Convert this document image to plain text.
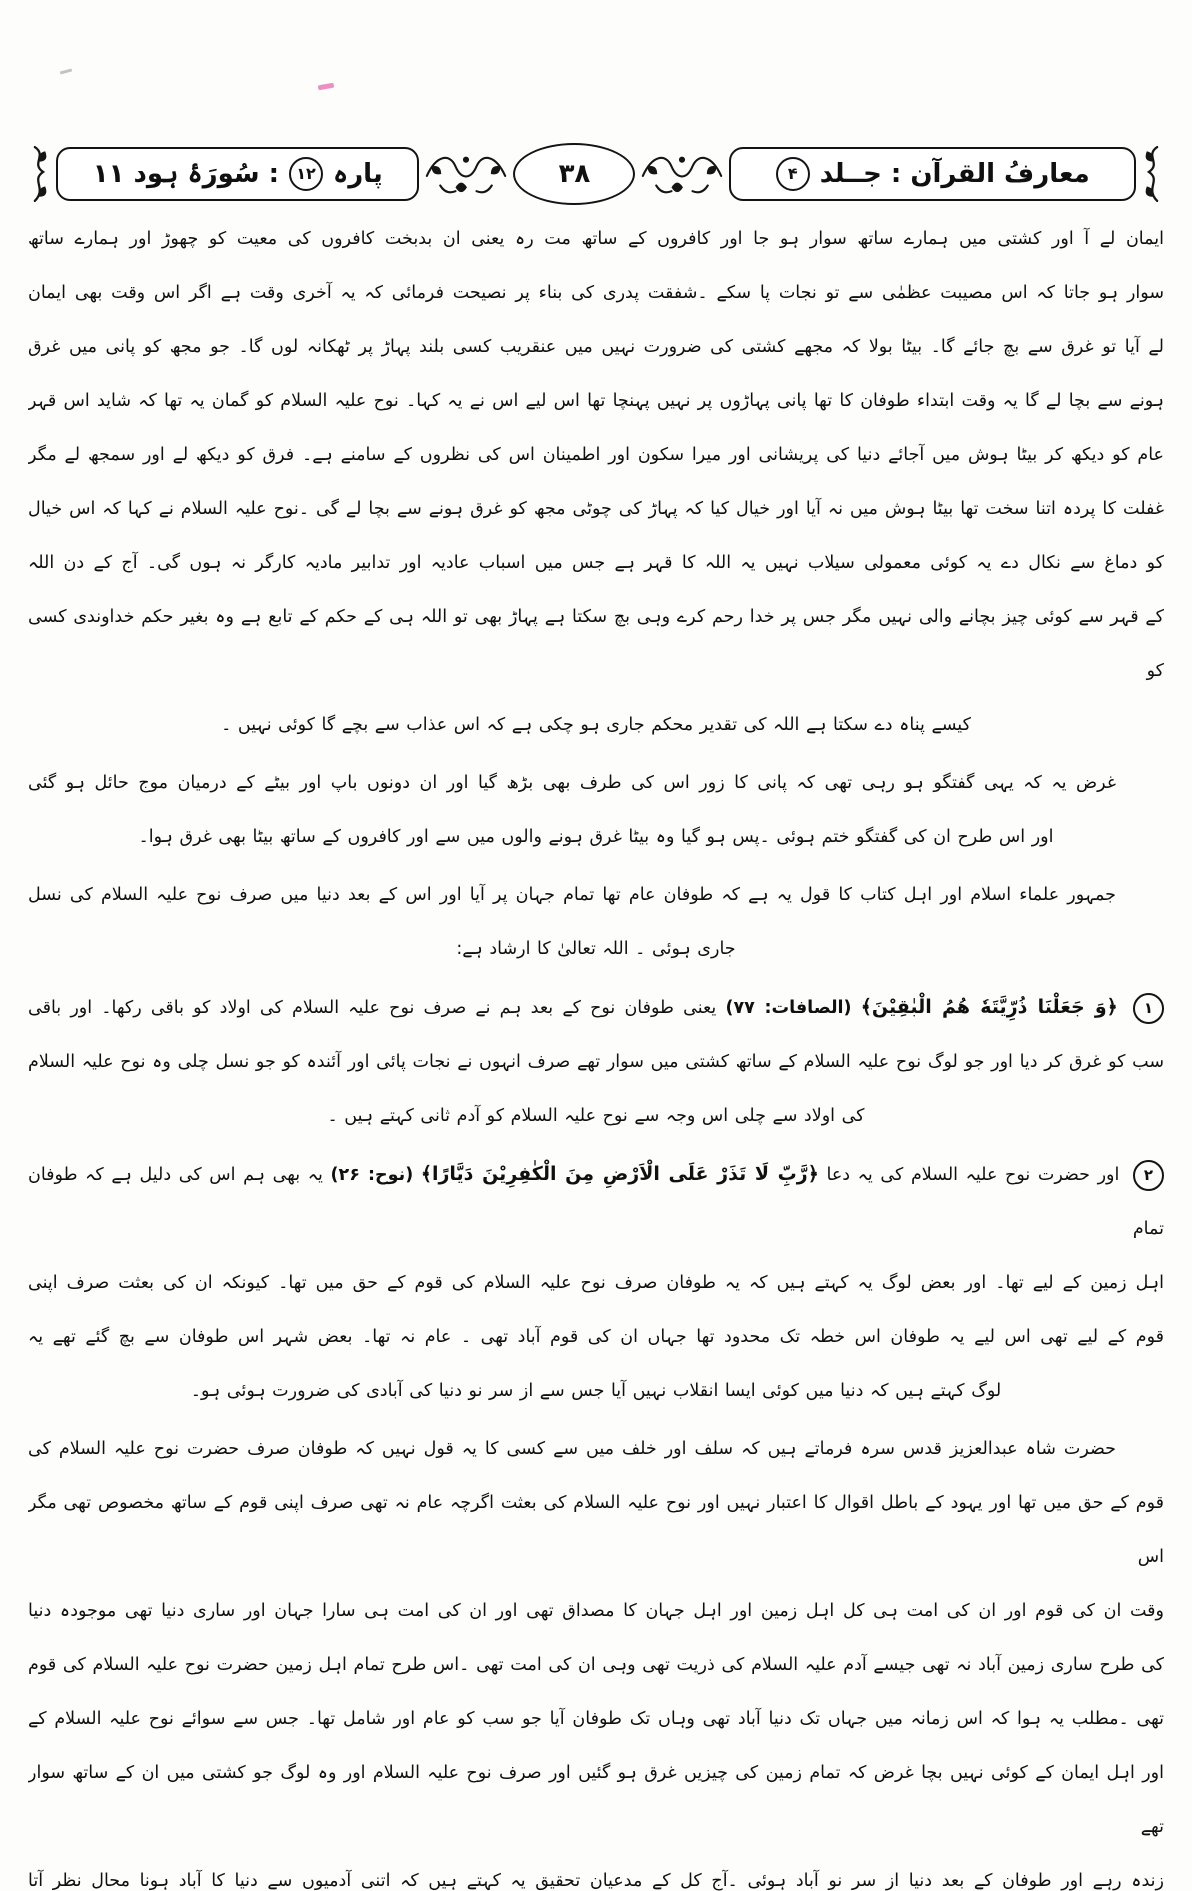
معارفُ القرآن : جــلد
۴
۳۸
پارہ
۱۲
: سُورَۂ ہود ۱۱
ایمان لے آ اور کشتی میں ہمارے ساتھ سوار ہو جا اور کافروں کے ساتھ مت رہ یعنی ان بدبخت کافروں کی معیت کو چھوڑ اور ہمارے ساتھ
سوار ہو جاتا کہ اس مصیبت عظمٰی سے تو نجات پا سکے ۔شفقت پدری کی بناء پر نصیحت فرمائی کہ یہ آخری وقت ہے اگر اس وقت بھی ایمان
لے آیا تو غرق سے بچ جائے گا۔ بیٹا بولا کہ مجھے کشتی کی ضرورت نہیں میں عنقریب کسی بلند پہاڑ پر ٹھکانہ لوں گا۔ جو مجھ کو پانی میں غرق
ہونے سے بچا لے گا یہ وقت ابتداء طوفان کا تھا پانی پہاڑوں پر نہیں پہنچا تھا اس لیے اس نے یہ کہا۔ نوح علیہ السلام کو گمان یہ تھا کہ شاید اس قہر
عام کو دیکھ کر بیٹا ہوش میں آجائے دنیا کی پریشانی اور میرا سکون اور اطمینان اس کی نظروں کے سامنے ہے۔ فرق کو دیکھ لے اور سمجھ لے مگر
غفلت کا پردہ اتنا سخت تھا بیٹا ہوش میں نہ آیا اور خیال کیا کہ پہاڑ کی چوٹی مجھ کو غرق ہونے سے بچا لے گی ۔نوح علیہ السلام نے کہا کہ اس خیال
کو دماغ سے نکال دے یہ کوئی معمولی سیلاب نہیں یہ اللہ کا قہر ہے جس میں اسباب عادیہ اور تدابیر مادیہ کارگر نہ ہوں گی۔ آج کے دن اللہ
کے قہر سے کوئی چیز بچانے والی نہیں مگر جس پر خدا رحم کرے وہی بچ سکتا ہے پہاڑ بھی تو اللہ ہی کے حکم کے تابع ہے وہ بغیر حکم خداوندی کسی کو
کیسے پناہ دے سکتا ہے اللہ کی تقدیر محکم جاری ہو چکی ہے کہ اس عذاب سے بچے گا کوئی نہیں ۔
غرض یہ کہ یہی گفتگو ہو رہی تھی کہ پانی کا زور اس کی طرف بھی بڑھ گیا اور ان دونوں باپ اور بیٹے کے درمیان موج حائل ہو گئی
اور اس طرح ان کی گفتگو ختم ہوئی ۔پس ہو گیا وہ بیٹا غرق ہونے والوں میں سے اور کافروں کے ساتھ بیٹا بھی غرق ہوا۔
جمہور علماء اسلام اور اہل کتاب کا قول یہ ہے کہ طوفان عام تھا تمام جہان پر آیا اور اس کے بعد دنیا میں صرف نوح علیہ السلام کی نسل
جاری ہوئی ۔ اللہ تعالیٰ کا ارشاد ہے:
۱ ﴿وَ جَعَلْنَا ذُرِّيَّتَهٗ هُمُ الْبٰقِيْنَ﴾ (الصافات: ۷۷) یعنی طوفان نوح کے بعد ہم نے صرف نوح علیہ السلام کی اولاد کو باقی رکھا۔ اور باقی
سب کو غرق کر دیا اور جو لوگ نوح علیہ السلام کے ساتھ کشتی میں سوار تھے صرف انہوں نے نجات پائی اور آئندہ کو جو نسل چلی وہ نوح علیہ السلام
کی اولاد سے چلی اس وجہ سے نوح علیہ السلام کو آدم ثانی کہتے ہیں ۔
۲ اور حضرت نوح علیہ السلام کی یہ دعا ﴿رَّبِّ لَا تَذَرْ عَلَى الْاَرْضِ مِنَ الْكٰفِرِيْنَ دَيَّارًا﴾ (نوح: ۲۶) یہ بھی ہم اس کی دلیل ہے کہ طوفان تمام
اہل زمین کے لیے تھا۔ اور بعض لوگ یہ کہتے ہیں کہ یہ طوفان صرف نوح علیہ السلام کی قوم کے حق میں تھا۔ کیونکہ ان کی بعثت صرف اپنی
قوم کے لیے تھی اس لیے یہ طوفان اس خطہ تک محدود تھا جہاں ان کی قوم آباد تھی ۔ عام نہ تھا۔ بعض شہر اس طوفان سے بچ گئے تھے یہ
لوگ کہتے ہیں کہ دنیا میں کوئی ایسا انقلاب نہیں آیا جس سے از سر نو دنیا کی آبادی کی ضرورت ہوئی ہو۔
حضرت شاہ عبدالعزیز قدس سرہ فرماتے ہیں کہ سلف اور خلف میں سے کسی کا یہ قول نہیں کہ طوفان صرف حضرت نوح علیہ السلام کی
قوم کے حق میں تھا اور یہود کے باطل اقوال کا اعتبار نہیں اور نوح علیہ السلام کی بعثت اگرچہ عام نہ تھی صرف اپنی قوم کے ساتھ مخصوص تھی مگر اس
وقت ان کی قوم اور ان کی امت ہی کل اہل زمین اور اہل جہان کا مصداق تھی اور ان کی امت ہی سارا جہان اور ساری دنیا تھی موجودہ دنیا
کی طرح ساری زمین آباد نہ تھی جیسے آدم علیہ السلام کی ذریت تھی وہی ان کی امت تھی ۔اس طرح تمام اہل زمین حضرت نوح علیہ السلام کی قوم
تھی ۔مطلب یہ ہوا کہ اس زمانہ میں جہاں تک دنیا آباد تھی وہاں تک طوفان آیا جو سب کو عام اور شامل تھا۔ جس سے سوائے نوح علیہ السلام کے
اور اہل ایمان کے کوئی نہیں بچا غرض کہ تمام زمین کی چیزیں غرق ہو گئیں اور صرف نوح علیہ السلام اور وہ لوگ جو کشتی میں ان کے ساتھ سوار تھے
زندہ رہے اور طوفان کے بعد دنیا از سر نو آباد ہوئی ۔آج کل کے مدعیان تحقیق یہ کہتے ہیں کہ اتنی آدمیوں سے دنیا کا آباد ہونا محال نظر آتا
